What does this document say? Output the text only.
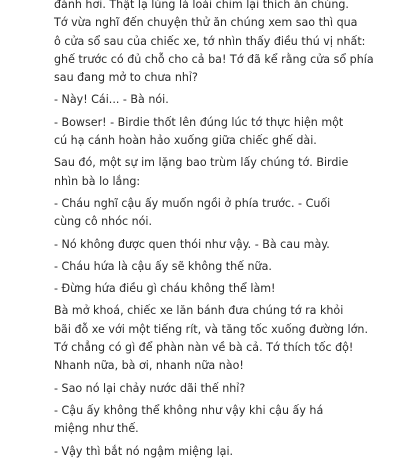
đánh hơi. Thật lạ lùng là loài chim lại thích ăn chúng.
Tớ vừa nghĩ đến chuyện thử ăn chúng xem sao thì qua
ô cửa sổ sau của chiếc xe, tớ nhìn thấy điều thú vị nhất:
ghế trước có đủ chỗ cho cả ba! Tớ đã kể rằng cửa sổ phía
sau đang mở to chưa nhỉ?
- Này! Cái... - Bà nói.
- Bowser! - Birdie thốt lên đúng lúc tớ thực hiện một
cú hạ cánh hoàn hảo xuống giữa chiếc ghế dài.
Sau đó, một sự im lặng bao trùm lấy chúng tớ. Birdie
nhìn bà lo lắng:
- Cháu nghĩ cậu ấy muốn ngồi ở phía trước. - Cuối
cùng cô nhóc nói.
- Nó không được quen thói như vậy. - Bà cau mày.
- Cháu hứa là cậu ấy sẽ không thế nữa.
- Đừng hứa điều gì cháu không thể làm!
Bà mở khoá, chiếc xe lăn bánh đưa chúng tớ ra khỏi
bãi đỗ xe với một tiếng rít, và tăng tốc xuống đường lớn.
Tớ chẳng có gì để phàn nàn về bà cả. Tớ thích tốc độ!
Nhanh nữa, bà ơi, nhanh nữa nào!
- Sao nó lại chảy nước dãi thế nhỉ?
- Cậu ấy không thể không như vậy khi cậu ấy há
miệng như thế.
- Vậy thì bắt nó ngậm miệng lại.
